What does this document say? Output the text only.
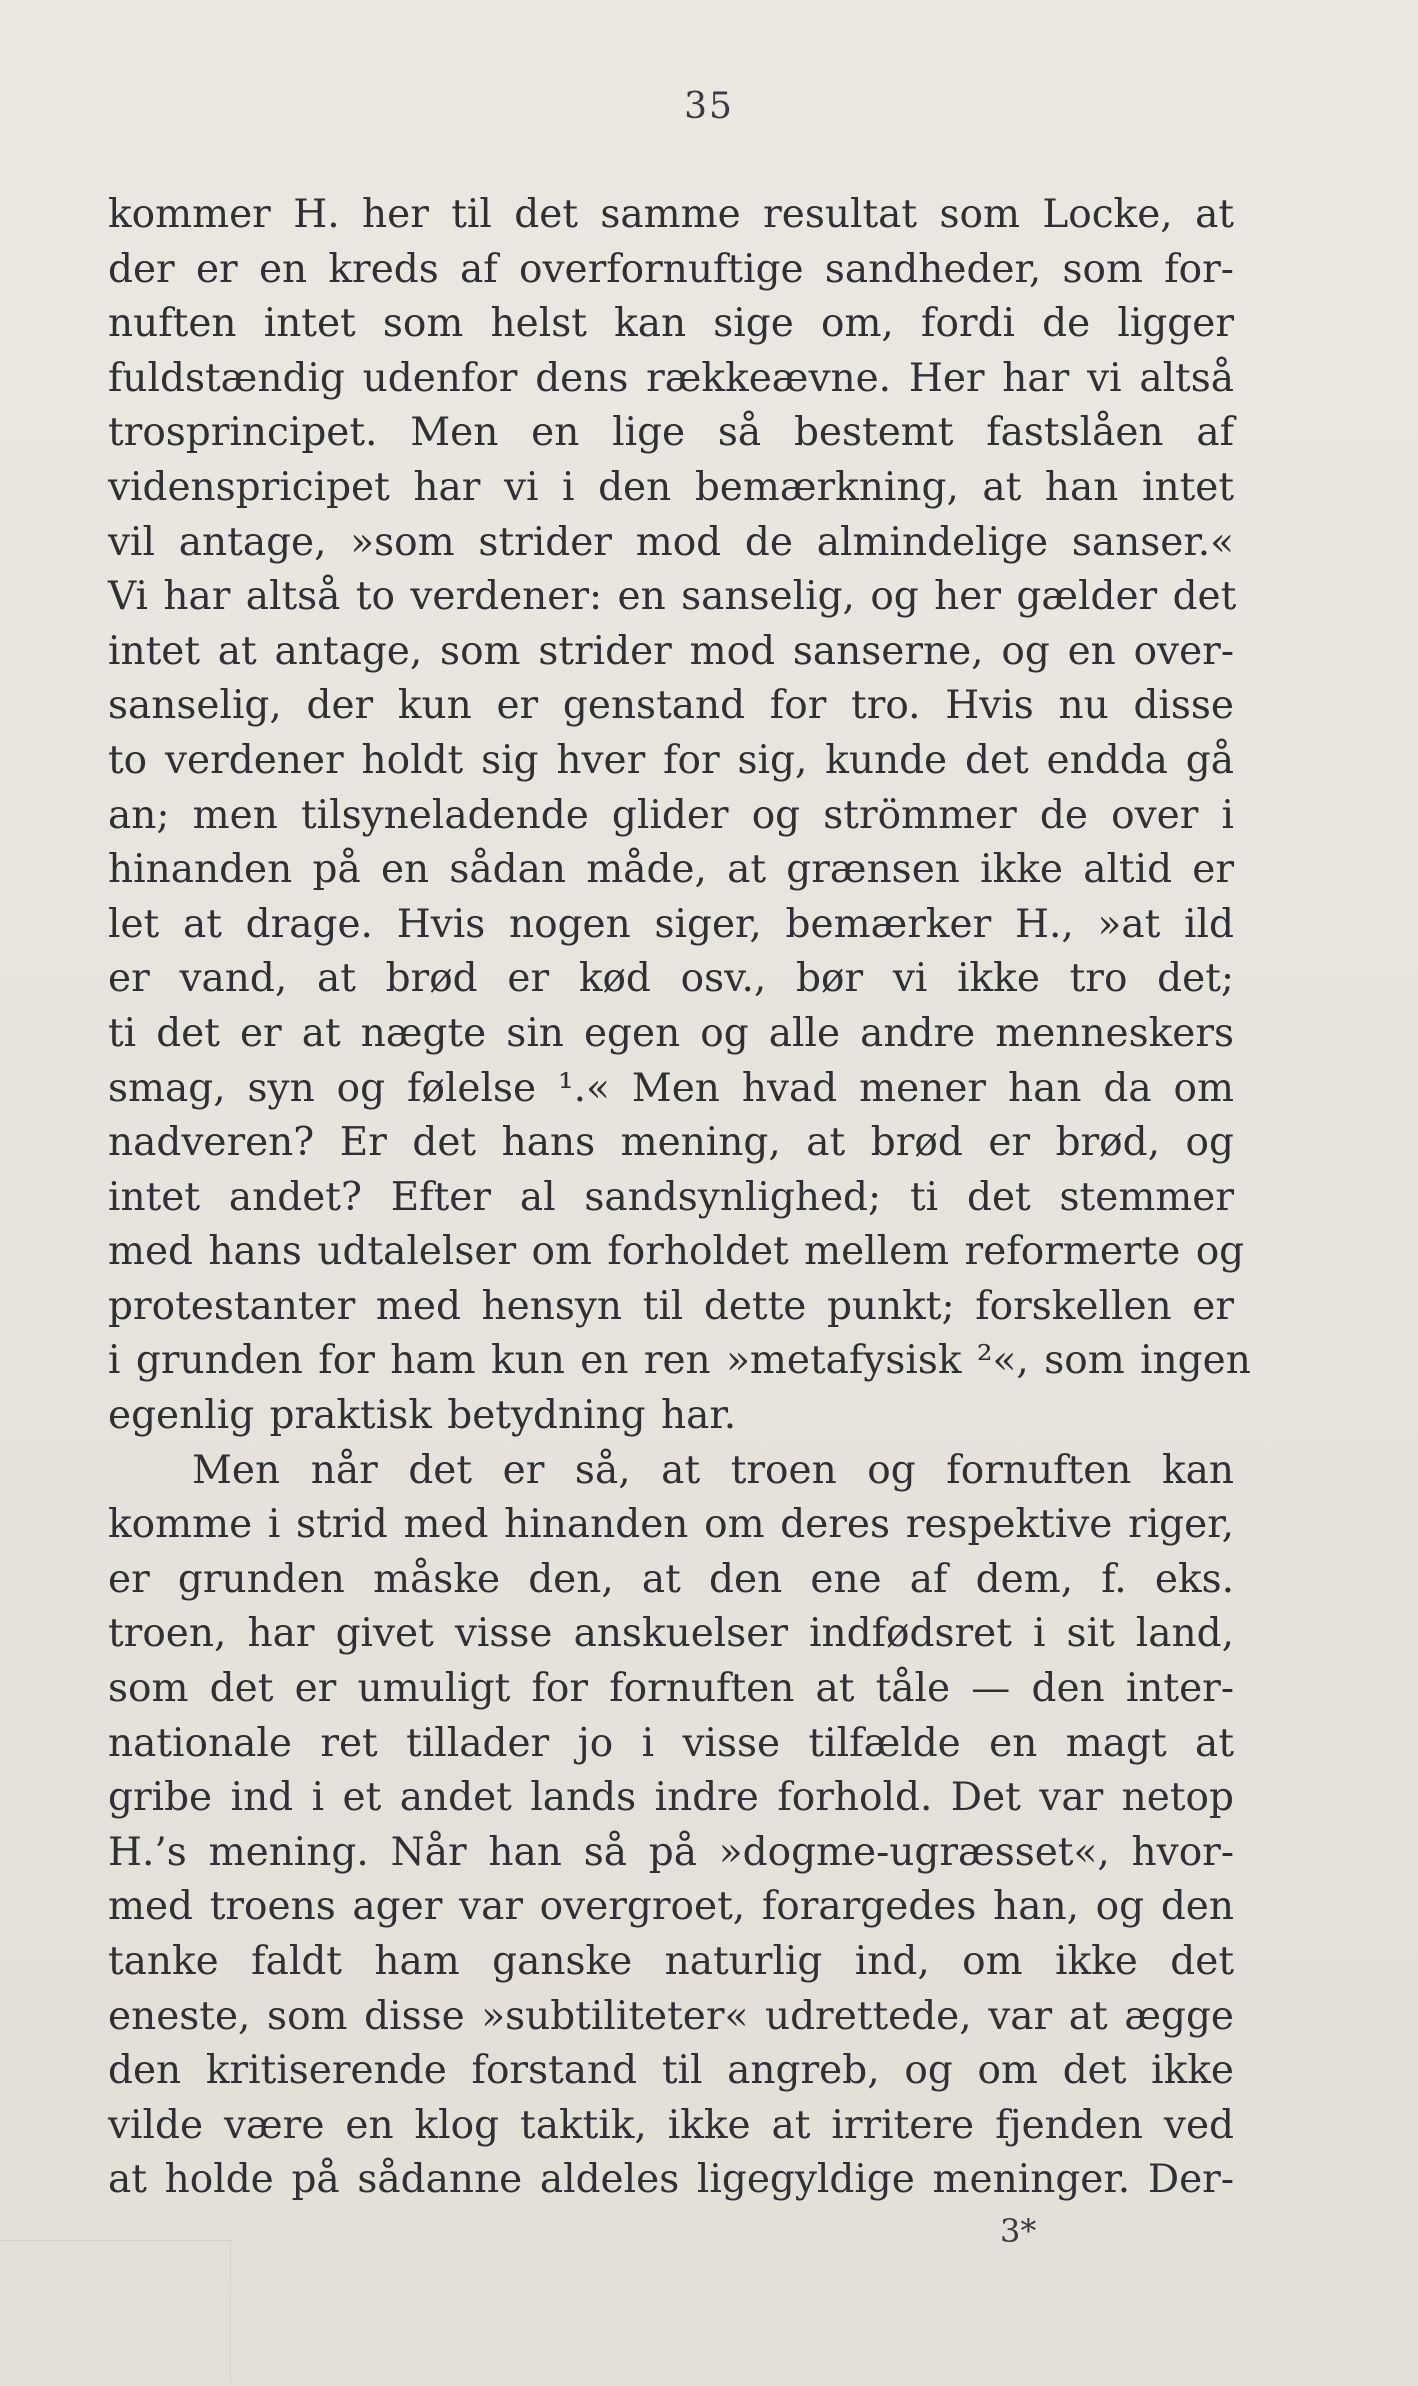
35
kommer H. her til det samme resultat som Locke, at
der er en kreds af overfornuftige sandheder, som for-
nuften intet som helst kan sige om, fordi de ligger
fuldstændig udenfor dens rækkeævne. Her har vi altså
trosprincipet. Men en lige så bestemt fastslåen af
videnspricipet har vi i den bemærkning, at han intet
vil antage, »som strider mod de almindelige sanser.«
Vi har altså to verdener: en sanselig, og her gælder det
intet at antage, som strider mod sanserne, og en over-
sanselig, der kun er genstand for tro. Hvis nu disse
to verdener holdt sig hver for sig, kunde det endda gå
an; men tilsyneladende glider og strömmer de over i
hinanden på en sådan måde, at grænsen ikke altid er
let at drage. Hvis nogen siger, bemærker H., »at ild
er vand, at brød er kød osv., bør vi ikke tro det;
ti det er at nægte sin egen og alle andre menneskers
smag, syn og følelse ¹.« Men hvad mener han da om
nadveren? Er det hans mening, at brød er brød, og
intet andet? Efter al sandsynlighed; ti det stemmer
med hans udtalelser om forholdet mellem reformerte og
protestanter med hensyn til dette punkt; forskellen er
i grunden for ham kun en ren »metafysisk ²«, som ingen
egenlig praktisk betydning har.
Men når det er så, at troen og fornuften kan
komme i strid med hinanden om deres respektive riger,
er grunden måske den, at den ene af dem, f. eks.
troen, har givet visse anskuelser indfødsret i sit land,
som det er umuligt for fornuften at tåle — den inter-
nationale ret tillader jo i visse tilfælde en magt at
gribe ind i et andet lands indre forhold. Det var netop
H.’s mening. Når han så på »dogme-ugræsset«, hvor-
med troens ager var overgroet, forargedes han, og den
tanke faldt ham ganske naturlig ind, om ikke det
eneste, som disse »subtiliteter« udrettede, var at ægge
den kritiserende forstand til angreb, og om det ikke
vilde være en klog taktik, ikke at irritere fjenden ved
at holde på sådanne aldeles ligegyldige meninger. Der-
3*
